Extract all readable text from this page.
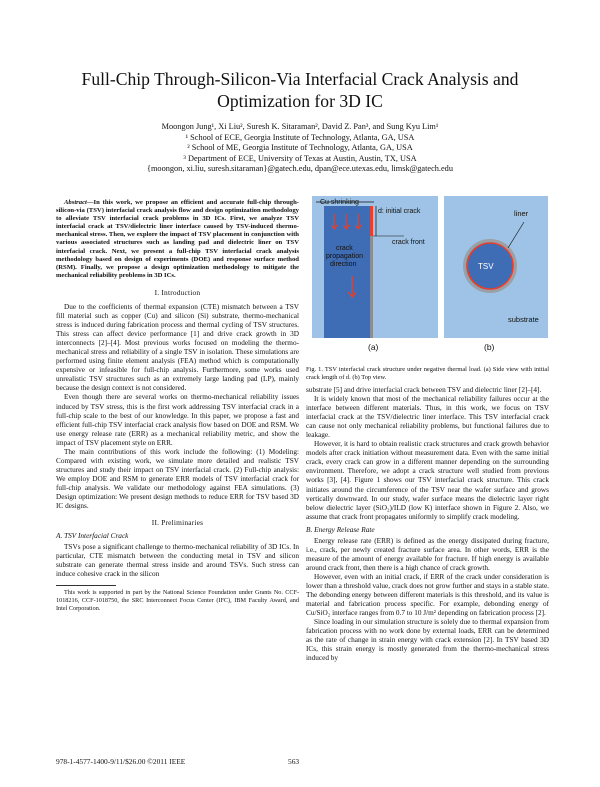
Full-Chip Through-Silicon-Via Interfacial Crack Analysis and
Optimization for 3D IC
Moongon Jung¹, Xi Liu², Suresh K. Sitaraman², David Z. Pan³, and Sung Kyu Lim¹
¹ School of ECE, Georgia Institute of Technology, Atlanta, GA, USA
² School of ME, Georgia Institute of Technology, Atlanta, GA, USA
³ Department of ECE, University of Texas at Austin, Austin, TX, USA
{moongon, xi.liu, suresh.sitaraman}@gatech.edu, dpan@ece.utexas.edu, limsk@gatech.edu

Abstract—In this work, we propose an efficient and accurate full-chip through-silicon-via (TSV) interfacial crack analysis flow and design optimization methodology to alleviate TSV interfacial crack problems in 3D ICs. First, we analyze TSV interfacial crack at TSV/dielectric liner interface caused by TSV-induced thermo-mechanical stress. Then, we explore the impact of TSV placement in conjunction with various associated structures such as landing pad and dielectric liner on TSV interfacial crack. Next, we present a full-chip TSV interfacial crack analysis methodology based on design of experiments (DOE) and response surface method (RSM). Finally, we propose a design optimization methodology to mitigate the mechanical reliability problems in 3D ICs.

I. Introduction

Due to the coefficients of thermal expansion (CTE) mismatch between a TSV fill material such as copper (Cu) and silicon (Si) substrate, thermo-mechanical stress is induced during fabrication process and thermal cycling of TSV structures. This stress can affect device performance [1] and drive crack growth in 3D interconnects [2]–[4]. Most previous works focused on modeling the thermo-mechanical stress and reliability of a single TSV in isolation. These simulations are performed using finite element analysis (FEA) method which is computationally expensive or infeasible for full-chip analysis. Furthermore, some works used unrealistic TSV structures such as an extremely large landing pad (LP), mainly because the design context is not considered.

Even though there are several works on thermo-mechanical reliability issues induced by TSV stress, this is the first work addressing TSV interfacial crack in a full-chip scale to the best of our knowledge. In this paper, we propose a fast and efficient full-chip TSV interfacial crack analysis flow based on DOE and RSM. We use energy release rate (ERR) as a mechanical reliability metric, and show the impact of TSV placement style on ERR.

The main contributions of this work include the following: (1) Modeling: Compared with existing work, we simulate more detailed and realistic TSV structures and study their impact on TSV interfacial crack. (2) Full-chip analysis: We employ DOE and RSM to generate ERR models of TSV interfacial crack for full-chip analysis. We validate our methodology against FEA simulations. (3) Design optimization: We present design methods to reduce ERR for TSV based 3D IC designs.

II. Preliminaries

A. TSV Interfacial Crack

TSVs pose a significant challenge to thermo-mechanical reliability of 3D ICs. In particular, CTE mismatch between the conducting metal in TSV and silicon substrate can generate thermal stress inside and around TSVs. Such stress can induce cohesive crack in the silicon

This work is supported in part by the National Science Foundation under Grants No. CCF-1018216, CCF-1018750, the SRC Interconnect Focus Center (IFC), IBM Faculty Award, and Intel Corporation.

Cu shrinking
d: initial crack
crack front
crack
propagation
direction
liner
TSV
substrate
(a)	(b)
Fig. 1. TSV interfacial crack structure under negative thermal load. (a) Side view with initial crack length of d. (b) Top view.

substrate [5] and drive interfacial crack between TSV and dielectric liner [2]–[4].

It is widely known that most of the mechanical reliability failures occur at the interface between different materials. Thus, in this work, we focus on TSV interfacial crack at the TSV/dielectric liner interface. This TSV interfacial crack can cause not only mechanical reliability problems, but functional failures due to leakage.

However, it is hard to obtain realistic crack structures and crack growth behavior models after crack initiation without measurement data. Even with the same initial crack, every crack can grow in a different manner depending on the surrounding environment. Therefore, we adopt a crack structure well studied from previous works [3], [4]. Figure 1 shows our TSV interfacial crack structure. This crack initiates around the circumference of the TSV near the wafer surface and grows vertically downward. In our study, wafer surface means the dielectric layer right below dielectric layer (SiO₂)/ILD (low K) interface shown in Figure 2. Also, we assume that crack front propagates uniformly to simplify crack modeling.

B. Energy Release Rate

Energy release rate (ERR) is defined as the energy dissipated during fracture, i.e., crack, per newly created fracture surface area. In other words, ERR is the measure of the amount of energy available for fracture. If high energy is available around crack front, then there is a high chance of crack growth.

However, even with an initial crack, if ERR of the crack under consideration is lower than a threshold value, crack does not grow further and stays in a stable state. The debonding energy between different materials is this threshold, and its value is material and fabrication process specific. For example, debonding energy of Cu/SiO₂ interface ranges from 0.7 to 10 J/m² depending on fabrication process [2].

Since loading in our simulation structure is solely due to thermal expansion from fabrication process with no work done by external loads, ERR can be determined as the rate of change in strain energy with crack extension [2]. In TSV based 3D ICs, this strain energy is mostly generated from the thermo-mechanical stress induced by

978-1-4577-1400-9/11/$26.00 ©2011 IEEE	563
